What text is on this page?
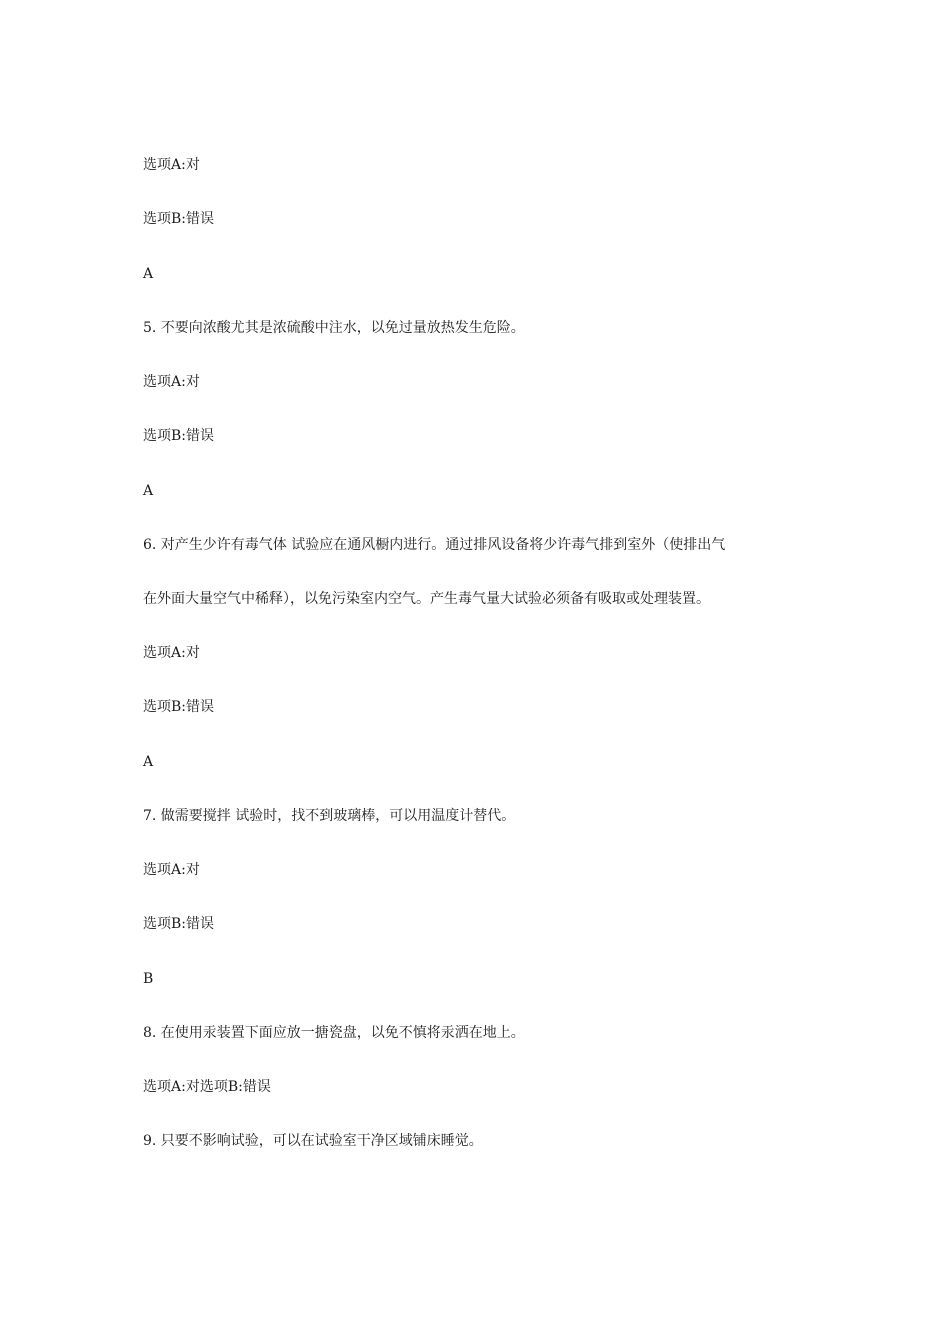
选项A:对
选项B:错误
A
5. 不要向浓酸尤其是浓硫酸中注水，以免过量放热发生危险。
选项A:对
选项B:错误
A
6. 对产生少许有毒气体 试验应在通风橱内进行。通过排风设备将少许毒气排到室外（使排出气
在外面大量空气中稀释），以免污染室内空气。产生毒气量大试验必须备有吸取或处理装置。
选项A:对
选项B:错误
A
7. 做需要搅拌 试验时，找不到玻璃棒，可以用温度计替代。
选项A:对
选项B:错误
B
8. 在使用汞装置下面应放一搪瓷盘，以免不慎将汞洒在地上。
选项A:对选项B:错误
9. 只要不影响试验，可以在试验室干净区域铺床睡觉。
